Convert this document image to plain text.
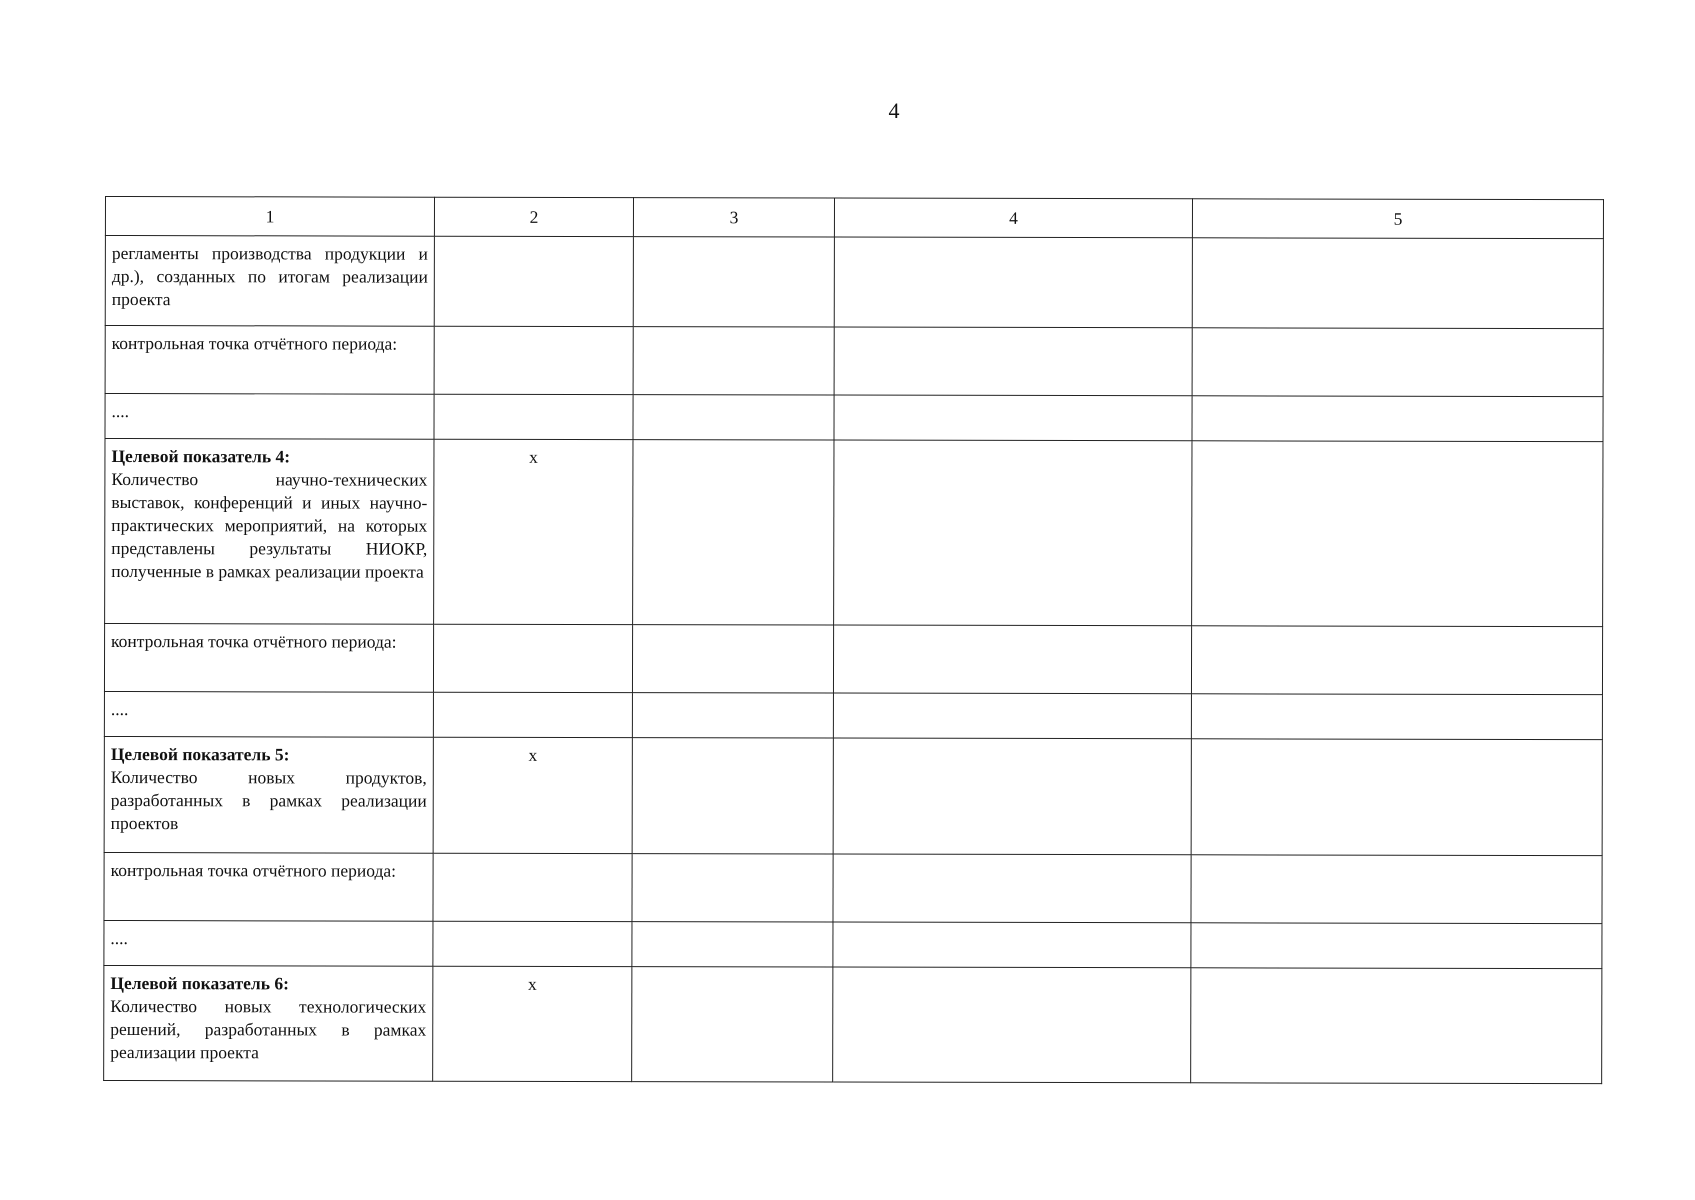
4
1	2	3	4	5
регламенты производства продукции и др.), созданных по итогам реализации проекта				
контрольная точка отчётного периода:				
....				

Целевой показатель 4:
Количество научно-технических выставок, конференций и иных научно-практических мероприятий, на которых представлены результаты НИОКР, полученные в рамках реализации проекта	x			

контрольная точка отчётного периода:				
....				

Целевой показатель 5:
Количество новых продуктов, разработанных в рамках реализации проектов	x			

контрольная точка отчётного периода:				
....				

Целевой показатель 6:
Количество новых технологических решений, разработанных в рамках реализации проекта	x			
